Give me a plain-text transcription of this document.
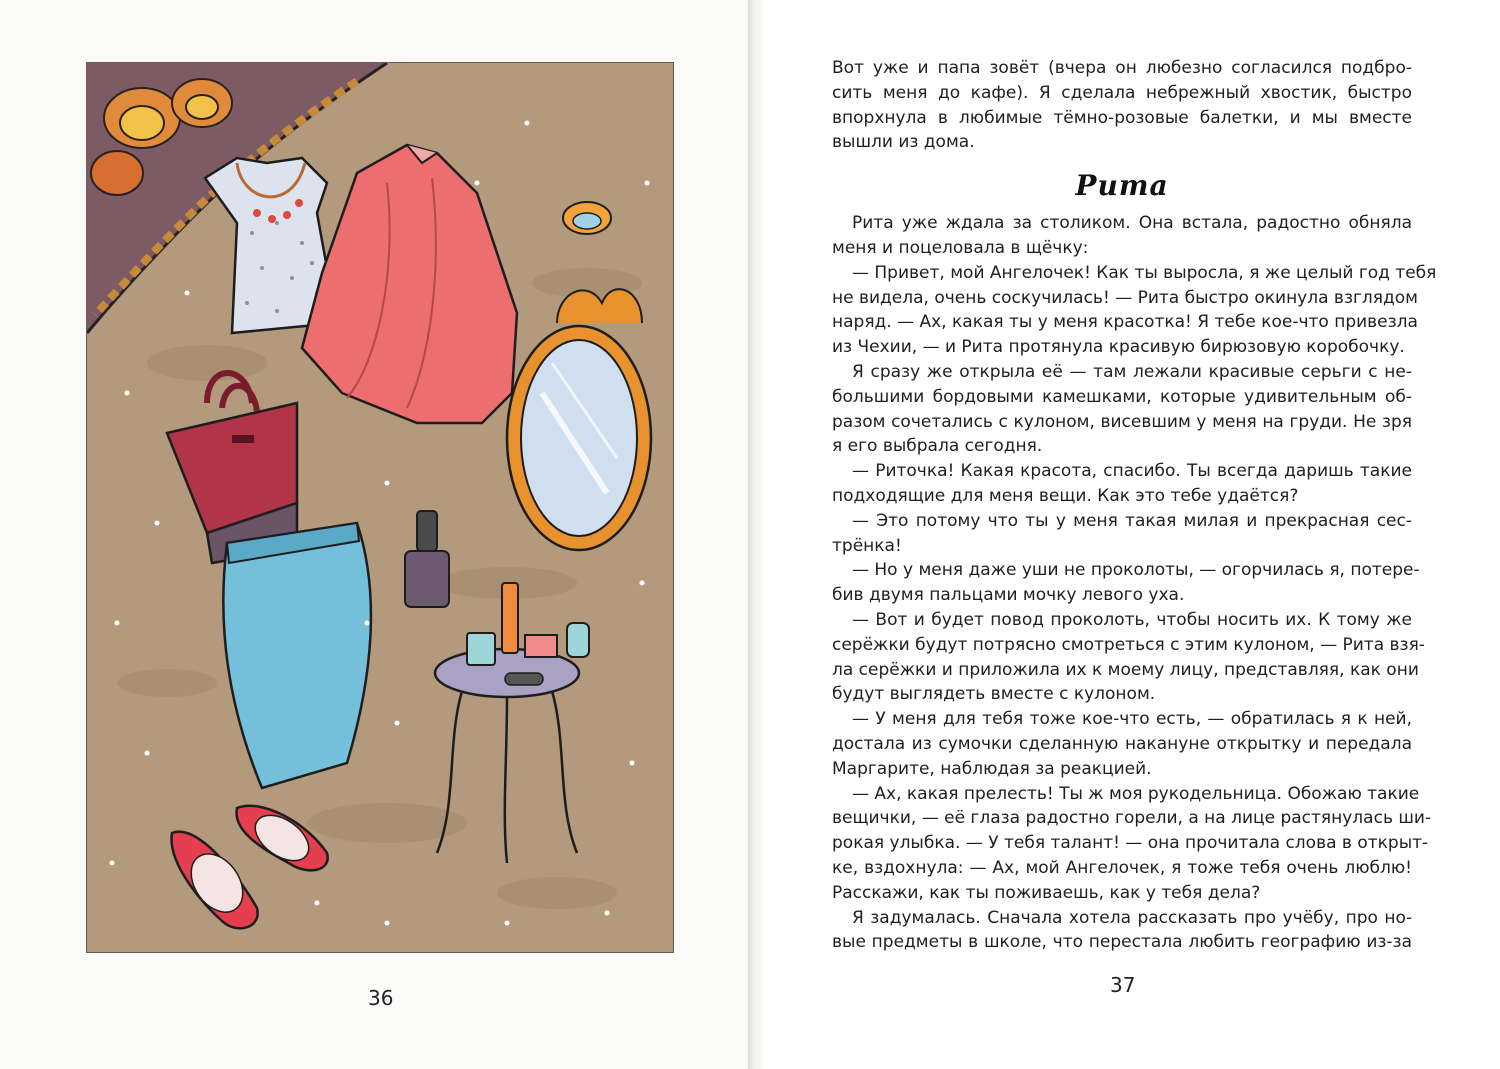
36
Вот уже и папа зовёт (вчера он любезно согласился подбро-
сить меня до кафе). Я сделала небрежный хвостик, быстро
впорхнула в любимые тёмно-розовые балетки, и мы вместе
вышли из дома.
Рита
Рита уже ждала за столиком. Она встала, радостно обняла
меня и поцеловала в щёчку:
— Привет, мой Ангелочек! Как ты выросла, я же целый год тебя
не видела, очень соскучилась! — Рита быстро окинула взглядом
наряд. — Ах, какая ты у меня красотка! Я тебе кое-что привезла
из Чехии, — и Рита протянула красивую бирюзовую коробочку.
Я сразу же открыла её — там лежали красивые серьги с не-
большими бордовыми камешками, которые удивительным об-
разом сочетались с кулоном, висевшим у меня на груди. Не зря
я его выбрала сегодня.
— Риточка! Какая красота, спасибо. Ты всегда даришь такие
подходящие для меня вещи. Как это тебе удаётся?
— Это потому что ты у меня такая милая и прекрасная сес-
трёнка!
— Но у меня даже уши не проколоты, — огорчилась я, потере-
бив двумя пальцами мочку левого уха.
— Вот и будет повод проколоть, чтобы носить их. К тому же
серёжки будут потрясно смотреться с этим кулоном, — Рита взя-
ла серёжки и приложила их к моему лицу, представляя, как они
будут выглядеть вместе с кулоном.
— У меня для тебя тоже кое-что есть, — обратилась я к ней,
достала из сумочки сделанную накануне открытку и передала
Маргарите, наблюдая за реакцией.
— Ах, какая прелесть! Ты ж моя рукодельница. Обожаю такие
вещички, — её глаза радостно горели, а на лице растянулась ши-
рокая улыбка. — У тебя талант! — она прочитала слова в открыт-
ке, вздохнула: — Ах, мой Ангелочек, я тоже тебя очень люблю!
Расскажи, как ты поживаешь, как у тебя дела?
Я задумалась. Сначала хотела рассказать про учёбу, про но-
вые предметы в школе, что перестала любить географию из-за
37
